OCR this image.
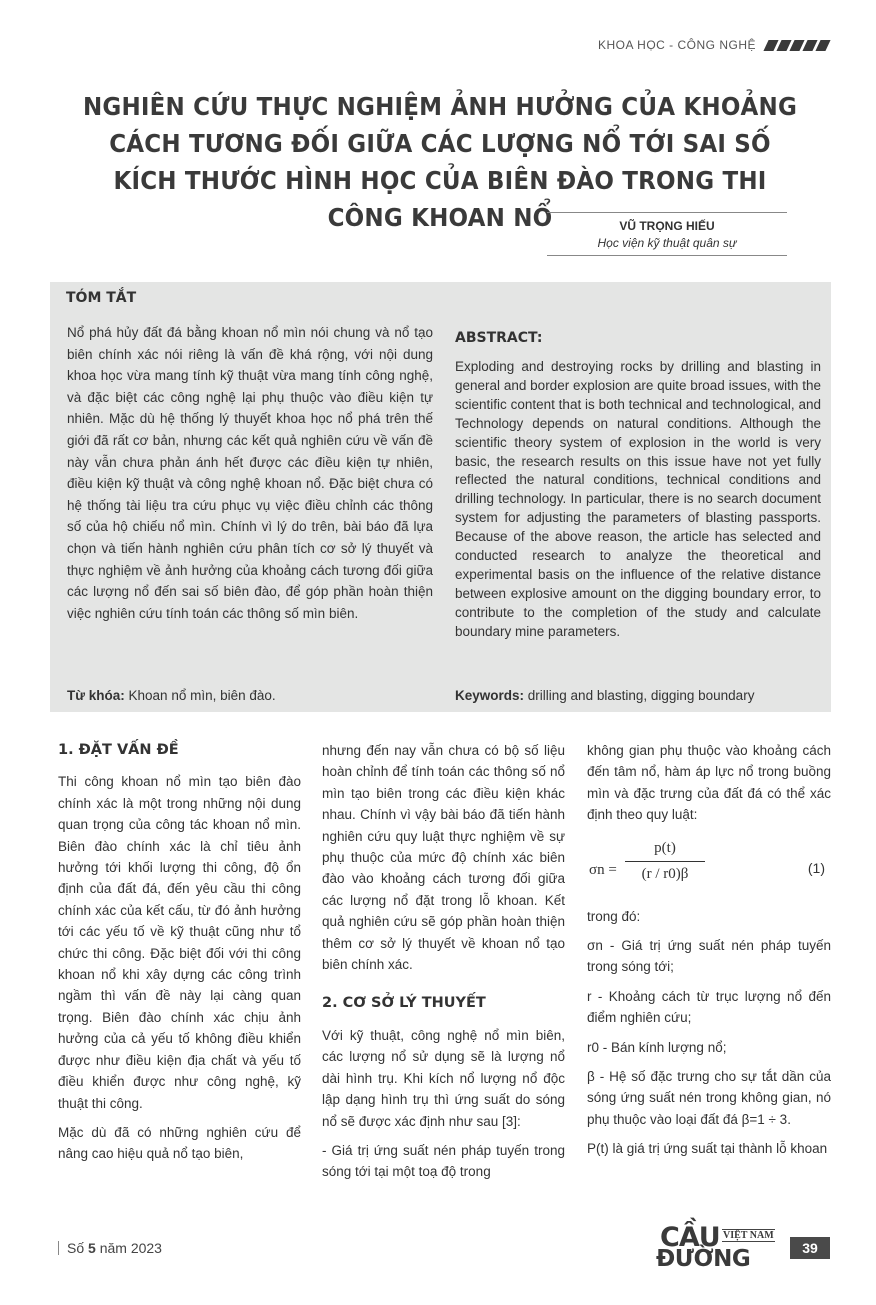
KHOA HỌC - CÔNG NGHỆ
NGHIÊN CỨU THỰC NGHIỆM ẢNH HƯỞNG CỦA KHOẢNG CÁCH TƯƠNG ĐỐI GIỮA CÁC LƯỢNG NỔ TỚI SAI SỐ KÍCH THƯỚC HÌNH HỌC CỦA BIÊN ĐÀO TRONG THI CÔNG KHOAN NỔ	VŨ TRỌNG HIẾU
Học viện kỹ thuật quân sự
TÓM TẮT
Nổ phá hủy đất đá bằng khoan nổ mìn nói chung và nổ tạo biên chính xác nói riêng là vấn đề khá rộng, với nội dung khoa học vừa mang tính kỹ thuật vừa mang tính công nghệ, và đặc biệt các công nghệ lại phụ thuộc vào điều kiện tự nhiên. Mặc dù hệ thống lý thuyết khoa học nổ phá trên thế giới đã rất cơ bản, nhưng các kết quả nghiên cứu về vấn đề này vẫn chưa phản ánh hết được các điều kiện tự nhiên, điều kiện kỹ thuật và công nghệ khoan nổ. Đặc biệt chưa có hệ thống tài liệu tra cứu phục vụ việc điều chỉnh các thông số của hộ chiếu nổ mìn. Chính vì lý do trên, bài báo đã lựa chọn và tiến hành nghiên cứu phân tích cơ sở lý thuyết và thực nghiệm về ảnh hưởng của khoảng cách tương đối giữa các lượng nổ đến sai số biên đào, để góp phần hoàn thiện việc nghiên cứu tính toán các thông số mìn biên.
Từ khóa: Khoan nổ mìn, biên đào.
ABSTRACT:
Exploding and destroying rocks by drilling and blasting in general and border explosion are quite broad issues, with the scientific content that is both technical and technological, and Technology depends on natural conditions. Although the scientific theory system of explosion in the world is very basic, the research results on this issue have not yet fully reflected the natural conditions, technical conditions and drilling technology. In particular, there is no search document system for adjusting the parameters of blasting passports. Because of the above reason, the article has selected and conducted research to analyze the theoretical and experimental basis on the influence of the relative distance between explosive amount on the digging boundary error, to contribute to the completion of the study and calculate boundary mine parameters.
Keywords: drilling and blasting, digging boundary
1. ĐẶT VẤN ĐỀ

Thi công khoan nổ mìn tạo biên đào chính xác là một trong những nội dung quan trọng của công tác khoan nổ mìn. Biên đào chính xác là chỉ tiêu ảnh hưởng tới khối lượng thi công, độ ổn định của đất đá, đến yêu cầu thi công chính xác của kết cấu, từ đó ảnh hưởng tới các yếu tố về kỹ thuật cũng như tổ chức thi công. Đặc biệt đối với thi công khoan nổ khi xây dựng các công trình ngầm thì vấn đề này lại càng quan trọng. Biên đào chính xác chịu ảnh hưởng của cả yếu tố không điều khiển được như điều kiện địa chất và yếu tố điều khiển được như công nghệ, kỹ thuật thi công.

Mặc dù đã có những nghiên cứu để nâng cao hiệu quả nổ tạo biên,

nhưng đến nay vẫn chưa có bộ số liệu hoàn chỉnh để tính toán các thông số nổ mìn tạo biên trong các điều kiện khác nhau. Chính vì vậy bài báo đã tiến hành nghiên cứu quy luật thực nghiệm về sự phụ thuộc của mức độ chính xác biên đào vào khoảng cách tương đối giữa các lượng nổ đặt trong lỗ khoan. Kết quả nghiên cứu sẽ góp phần hoàn thiện thêm cơ sở lý thuyết về khoan nổ tạo biên chính xác.

2. CƠ SỞ LÝ THUYẾT

Với kỹ thuật, công nghệ nổ mìn biên, các lượng nổ sử dụng sẽ là lượng nổ dài hình trụ. Khi kích nổ lượng nổ độc lập dạng hình trụ thì ứng suất do sóng nổ sẽ được xác định như sau [3]:

- Giá trị ứng suất nén pháp tuyến trong sóng tới tại một toạ độ trong

không gian phụ thuộc vào khoảng cách đến tâm nổ, hàm áp lực nổ trong buồng mìn và đặc trưng của đất đá có thể xác định theo quy luật:

$\sigma n = \frac{p(t)}{(r / r0)\beta}$	(1)

trong đó:

σn - Giá trị ứng suất nén pháp tuyến trong sóng tới;

r - Khoảng cách từ trục lượng nổ đến điểm nghiên cứu;

r0 - Bán kính lượng nổ;

β - Hệ số đặc trưng cho sự tắt dần của sóng ứng suất nén trong không gian, nó phụ thuộc vào loại đất đá β=1 ÷ 3.

P(t) là giá trị ứng suất tại thành lỗ khoan

Số 5 năm 2023	CẦU VIỆT NAM
ĐƯỜNG	39
